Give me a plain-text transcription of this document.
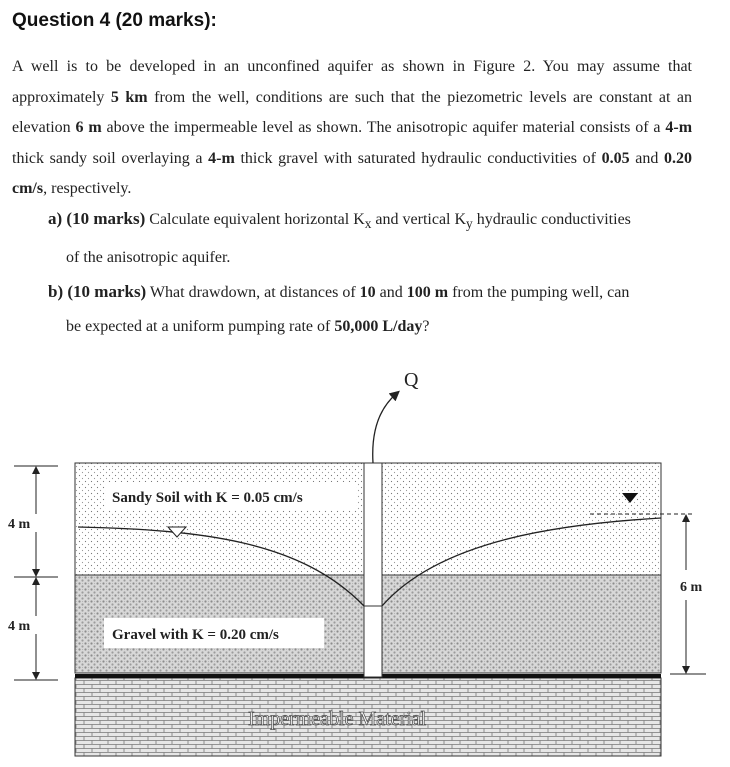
Question 4 (20 marks):

A well is to be developed in an unconfined aquifer as shown in Figure 2. You may assume that approximately 5 km from the well, conditions are such that the piezometric levels are constant at an elevation 6 m above the impermeable level as shown. The anisotropic aquifer material consists of a 4-m thick sandy soil overlaying a 4-m thick gravel with saturated hydraulic conductivities of 0.05 and 0.20 cm/s, respectively.

a) (10 marks) Calculate equivalent horizontal $K_x$ and vertical $K_y$ hydraulic conductivities
of the anisotropic aquifer.

b) (10 marks) What drawdown, at distances of 10 and 100 m from the pumping well, can
be expected at a uniform pumping rate of 50,000 L/day?

Q
Sandy Soil with K = 0.05 cm/s
Gravel with K = 0.20 cm/s
Impermeable Material
4 m
4 m
6 m
